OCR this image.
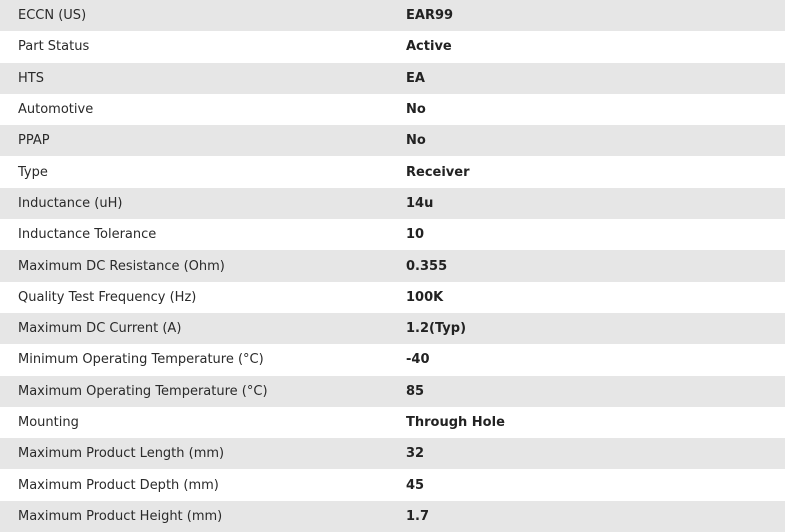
ECCN (US)	EAR99
Part Status	Active
HTS	EA
Automotive	No
PPAP	No
Type	Receiver
Inductance (uH)	14u
Inductance Tolerance	10
Maximum DC Resistance (Ohm)	0.355
Quality Test Frequency (Hz)	100K
Maximum DC Current (A)	1.2(Typ)
Minimum Operating Temperature (°C)	-40
Maximum Operating Temperature (°C)	85
Mounting	Through Hole
Maximum Product Length (mm)	32
Maximum Product Depth (mm)	45
Maximum Product Height (mm)	1.7
